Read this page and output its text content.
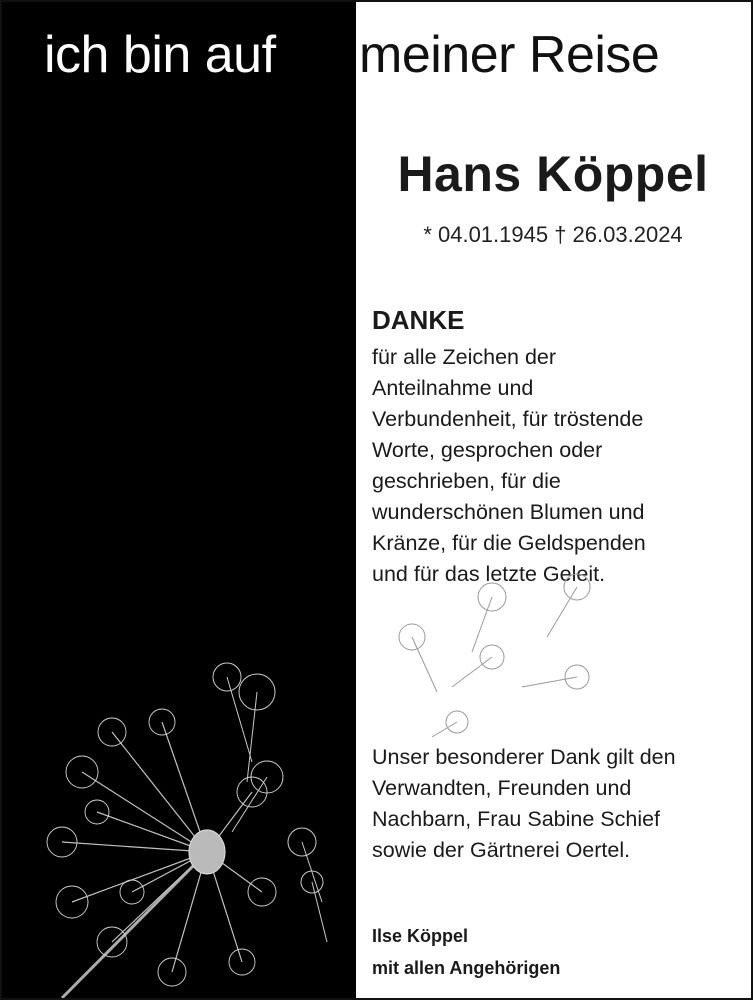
ich bin auf meiner Reise
Hans Köppel
* 04.01.1945 † 26.03.2024
DANKE
für alle Zeichen der
Anteilnahme und
Verbundenheit, für tröstende
Worte, gesprochen oder
geschrieben, für die
wunderschönen Blumen und
Kränze, für die Geldspenden
und für das letzte Geleit.
Unser besonderer Dank gilt den
Verwandten, Freunden und
Nachbarn, Frau Sabine Schief
sowie der Gärtnerei Oertel.
Ilse Köppel
mit allen Angehörigen
